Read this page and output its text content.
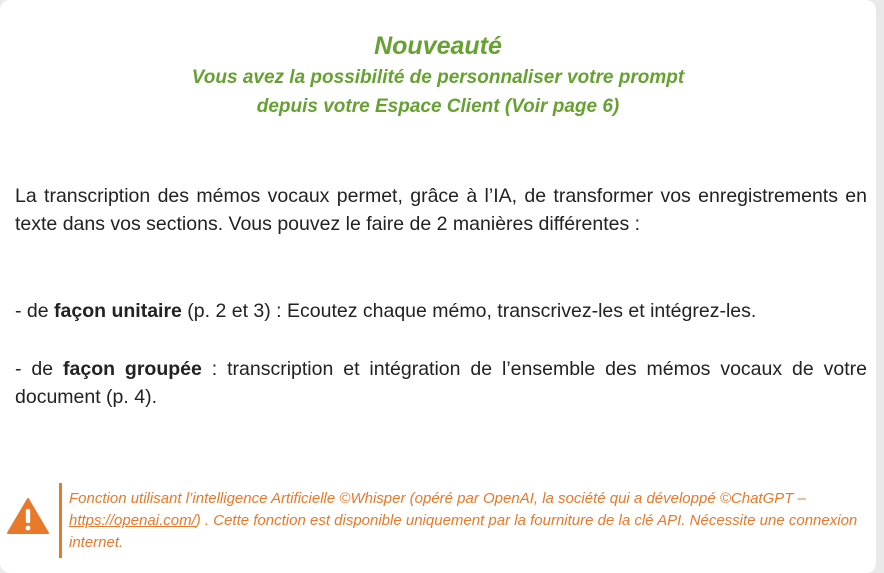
Nouveauté
Vous avez la possibilité de personnaliser votre prompt
depuis votre Espace Client (Voir page 6)
La transcription des mémos vocaux permet, grâce à l’IA, de transformer vos enregistrements en texte dans vos sections. Vous pouvez le faire de 2 manières différentes :
- de façon unitaire (p. 2 et 3) : Ecoutez chaque mémo, transcrivez-les et intégrez-les.
- de façon groupée : transcription et intégration de l’ensemble des mémos vocaux de votre document (p. 4).
Fonction utilisant l’intelligence Artificielle ©Whisper (opéré par OpenAI, la société qui a développé ©ChatGPT – https://openai.com/) . Cette fonction est disponible uniquement par la fourniture de la clé API. Nécessite une connexion internet.
